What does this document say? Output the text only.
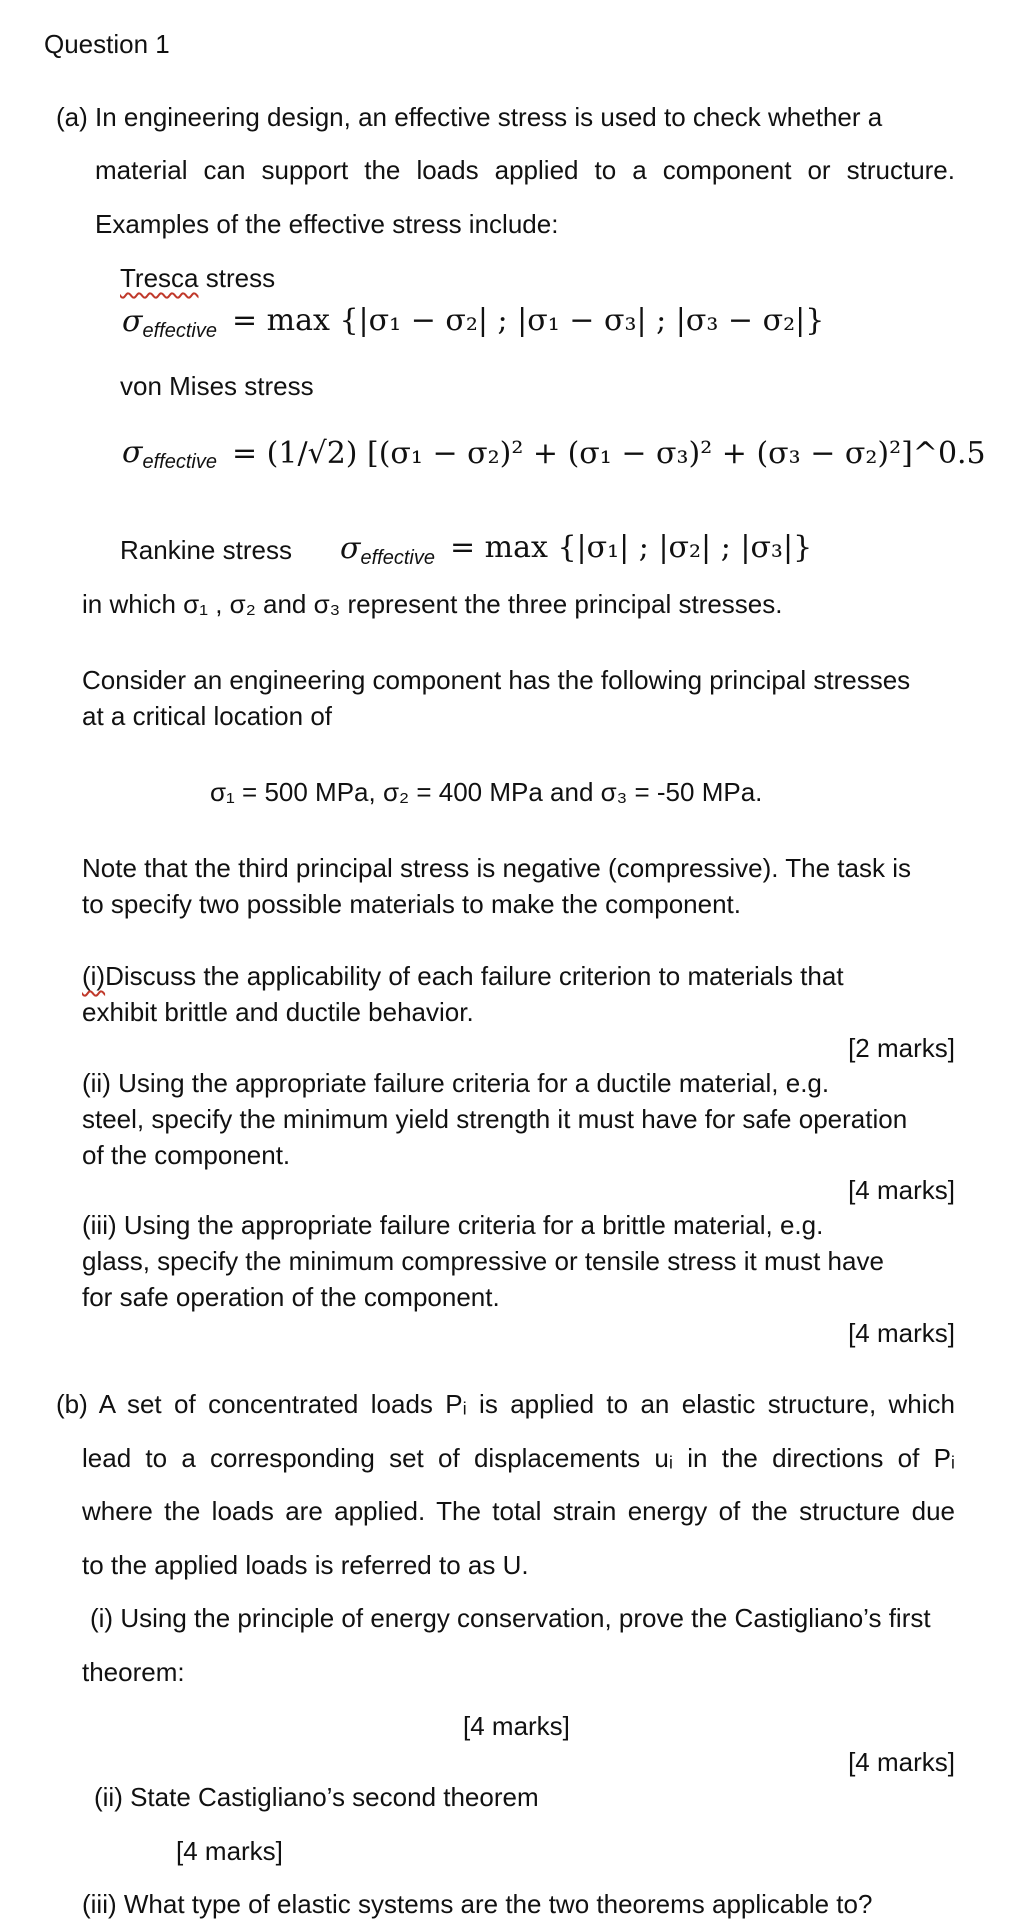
Question 1
(a) In engineering design, an effective stress is used to check whether a
material can support the loads applied to a component or structure.
Examples of the effective stress include:
Tresca stress
$\sigma_{effective} = \max \{|\sigma_1 - \sigma_2|$ ; |σ₁ − σ₃| ; |σ₃ − σ₂|}
von Mises stress
$\sigma_{effective} = (1/√2) [(\sigma_1 - \sigma_2)^2 + (\sigma_1 - \sigma_3)^2 + (\sigma_3$ − σ₂)²]^0.5
Rankine stress $\sigma_{effective} = \max \{|\sigma_1|$ ; |σ₂| ; |σ₃|}
in which σ₁ , σ₂ and σ₃ represent the three principal stresses.
Consider an engineering component has the following principal stresses
at a critical location of
σ₁ = 500 MPa, σ₂ = 400 MPa and σ₃ = -50 MPa.
Note that the third principal stress is negative (compressive). The task is
to specify two possible materials to make the component.
(i)Discuss the applicability of each failure criterion to materials that
exhibit brittle and ductile behavior.
[2 marks]
(ii) Using the appropriate failure criteria for a ductile material, e.g.
steel, specify the minimum yield strength it must have for safe operation
of the component.
[4 marks]
(iii) Using the appropriate failure criteria for a brittle material, e.g.
glass, specify the minimum compressive or tensile stress it must have
for safe operation of the component.
[4 marks]
(b) A set of concentrated loads Pᵢ is applied to an elastic structure, which
lead to a corresponding set of displacements uᵢ in the directions of Pᵢ
where the loads are applied. The total strain energy of the structure due
to the applied loads is referred to as U.
(i) Using the principle of energy conservation, prove the Castigliano’s first
theorem:
[4 marks]
[4 marks]
(ii) State Castigliano’s second theorem
[4 marks]
(iii) What type of elastic systems are the two theorems applicable to?
